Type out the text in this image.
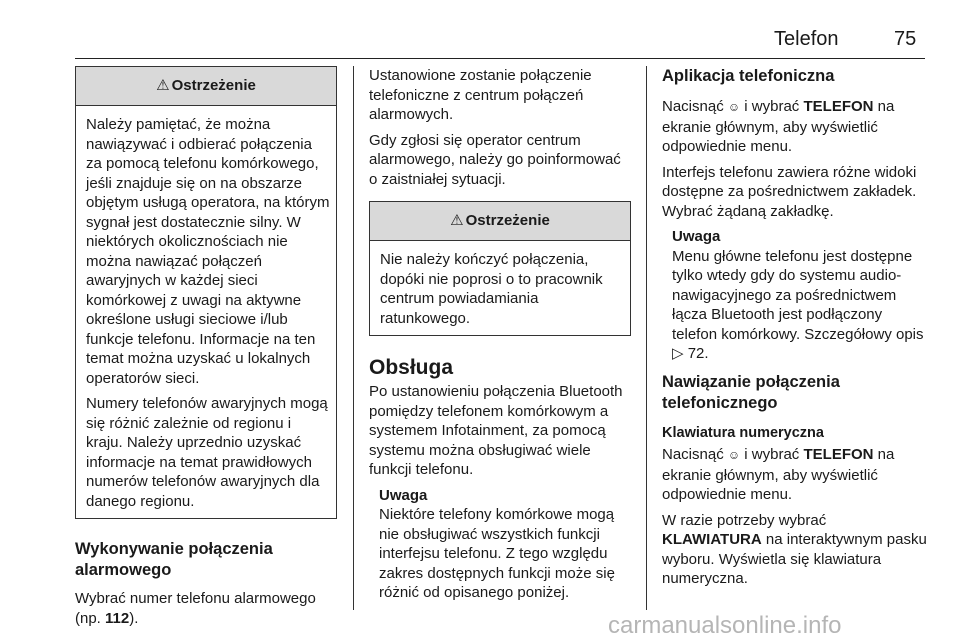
Telefon	75
⚠ Ostrzeżenie

Należy pamiętać, że można nawiązywać i odbierać połączenia za pomocą telefonu komórkowego, jeśli znajduje się on na obszarze objętym usługą operatora, na którym sygnał jest dostatecznie silny. W niektórych okolicznościach nie można nawiązać połączeń awaryjnych w każdej sieci komórkowej z uwagi na aktywne określone usługi sieciowe i/lub funkcje telefonu. Informacje na ten temat można uzyskać u lokalnych operatorów sieci.

Numery telefonów awaryjnych mogą się różnić zależnie od regionu i kraju. Należy uprzednio uzyskać informacje na temat prawidłowych numerów telefonów awaryjnych dla danego regionu.

Wykonywanie połączenia alarmowego

Wybrać numer telefonu alarmowego (np. 112).

Ustanowione zostanie połączenie telefoniczne z centrum połączeń alarmowych.

Gdy zgłosi się operator centrum alarmowego, należy go poinformować o zaistniałej sytuacji.

⚠ Ostrzeżenie

Nie należy kończyć połączenia, dopóki nie poprosi o to pracownik centrum powiadamiania ratunkowego.

Obsługa

Po ustanowieniu połączenia Bluetooth pomiędzy telefonem komórkowym a systemem Infotainment, za pomocą systemu można obsługiwać wiele funkcji telefonu.

Uwaga
Niektóre telefony komórkowe mogą nie obsługiwać wszystkich funkcji interfejsu telefonu. Z tego względu zakres dostępnych funkcji może się różnić od opisanego poniżej.
Aplikacja telefoniczna

Nacisnąć ☺ i wybrać TELEFON na ekranie głównym, aby wyświetlić odpowiednie menu.

Interfejs telefonu zawiera różne widoki dostępne za pośrednictwem zakładek. Wybrać żądaną zakładkę.

Uwaga
Menu główne telefonu jest dostępne tylko wtedy gdy do systemu audio-nawigacyjnego za pośrednictwem łącza Bluetooth jest podłączony telefon komórkowy. Szczegółowy opis ▷ 72.
Nawiązanie połączenia telefonicznego
Klawiatura numeryczna

Nacisnąć ☺ i wybrać TELEFON na ekranie głównym, aby wyświetlić odpowiednie menu.

W razie potrzeby wybrać KLAWIATURA na interaktywnym pasku wyboru. Wyświetla się klawiatura numeryczna.

carmanualsonline.info
